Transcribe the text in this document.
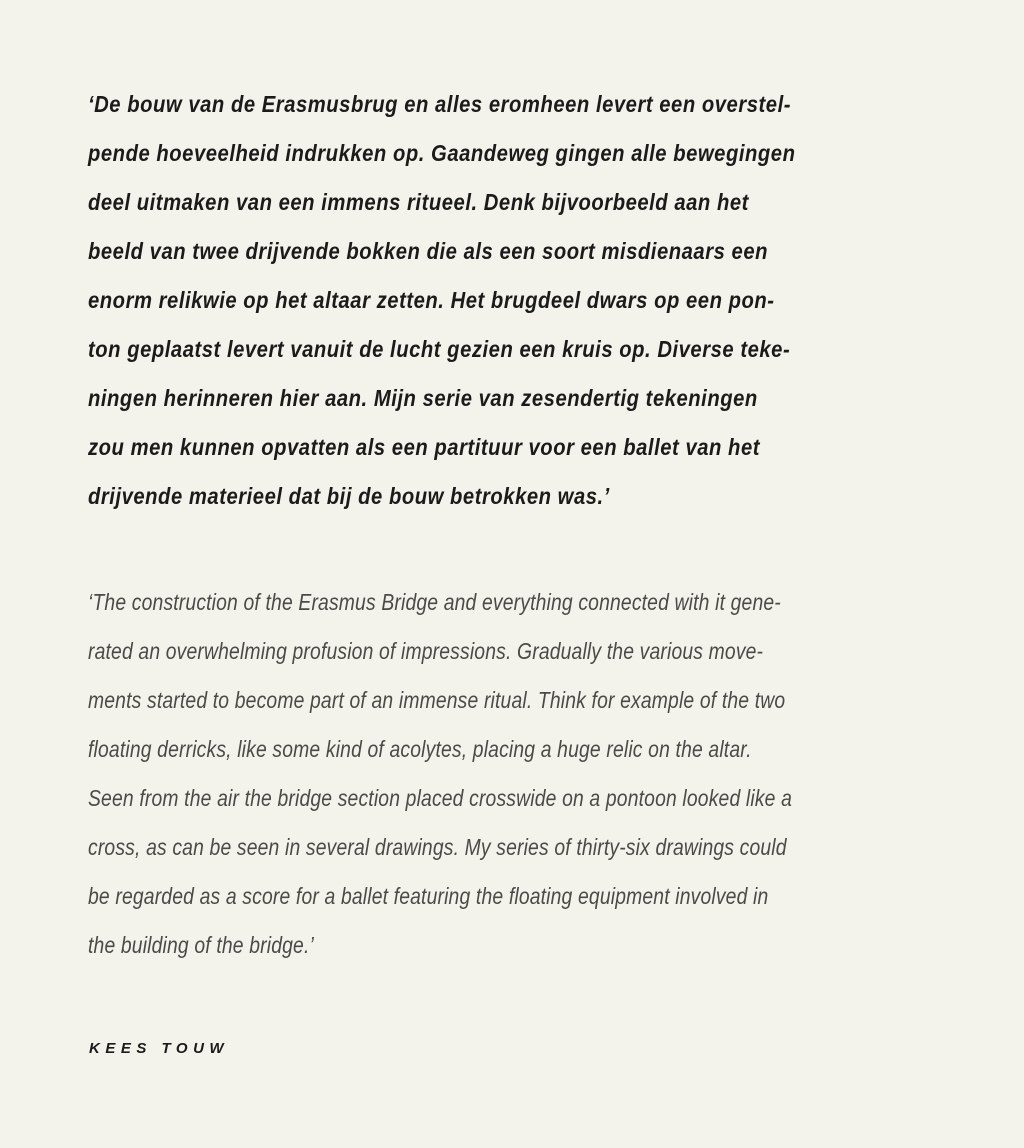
‘De bouw van de Erasmusbrug en alles eromheen levert een overstel-
pende hoeveelheid indrukken op. Gaandeweg gingen alle bewegingen
deel uitmaken van een immens ritueel. Denk bijvoorbeeld aan het
beeld van twee drijvende bokken die als een soort misdienaars een
enorm relikwie op het altaar zetten. Het brugdeel dwars op een pon-
ton geplaatst levert vanuit de lucht gezien een kruis op. Diverse teke-
ningen herinneren hier aan. Mijn serie van zesendertig tekeningen
zou men kunnen opvatten als een partituur voor een ballet van het
drijvende materieel dat bij de bouw betrokken was.’

‘The construction of the Erasmus Bridge and everything connected with it gene-
rated an overwhelming profusion of impressions. Gradually the various move-
ments started to become part of an immense ritual. Think for example of the two
floating derricks, like some kind of acolytes, placing a huge relic on the altar.
Seen from the air the bridge section placed crosswide on a pontoon looked like a
cross, as can be seen in several drawings. My series of thirty-six drawings could
be regarded as a score for a ballet featuring the floating equipment involved in
the building of the bridge.’

KEES TOUW
